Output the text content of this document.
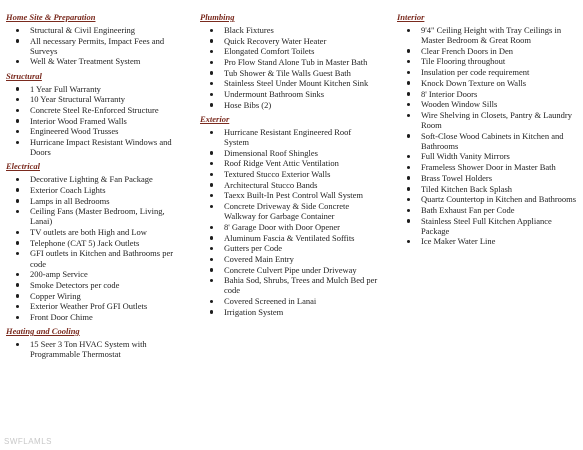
Home Site & Preparation
Structural & Civil Engineering
All necessary Permits, Impact Fees and Surveys
Well & Water Treatment System
Structural
1 Year Full Warranty
10 Year Structural Warranty
Concrete Steel Re-Enforced Structure
Interior Wood Framed Walls
Engineered Wood Trusses
Hurricane Impact Resistant Windows and Doors
Electrical
Decorative Lighting & Fan Package
Exterior Coach Lights
Lamps in all Bedrooms
Ceiling Fans (Master Bedroom, Living, Lanai)
TV outlets are both High and Low
Telephone (CAT 5) Jack Outlets
GFI outlets in Kitchen and Bathrooms per code
200-amp Service
Smoke Detectors per code
Copper Wiring
Exterior Weather Prof GFI Outlets
Front Door Chime
Heating and Cooling
15 Seer 3 Ton HVAC System with Programmable Thermostat
Plumbing
Black Fixtures
Quick Recovery Water Heater
Elongated Comfort Toilets
Pro Flow Stand Alone Tub in Master Bath
Tub Shower & Tile Walls Guest Bath
Stainless Steel Under Mount Kitchen Sink
Undermount Bathroom Sinks
Hose Bibs (2)
Exterior
Hurricane Resistant Engineered Roof System
Dimensional Roof Shingles
Roof Ridge Vent Attic Ventilation
Textured Stucco Exterior Walls
Architectural Stucco Bands
Taexx Built-In Pest Control Wall System
Concrete Driveway & Side Concrete Walkway for Garbage Container
8' Garage Door with Door Opener
Aluminum Fascia & Ventilated Soffits
Gutters per Code
Covered Main Entry
Concrete Culvert Pipe under Driveway
Bahia Sod, Shrubs, Trees and Mulch Bed per code
Covered Screened in Lanai
Irrigation System
Interior
9'4" Ceiling Height with Tray Ceilings in Master Bedroom & Great Room
Clear French Doors in Den
Tile Flooring throughout
Insulation per code requirement
Knock Down Texture on Walls
8' Interior Doors
Wooden Window Sills
Wire Shelving in Closets, Pantry & Laundry Room
Soft-Close Wood Cabinets in Kitchen and Bathrooms
Full Width Vanity Mirrors
Frameless Shower Door in Master Bath
Brass Towel Holders
Tiled Kitchen Back Splash
Quartz Countertop in Kitchen and Bathrooms
Bath Exhaust Fan per Code
Stainless Steel Full Kitchen Appliance Package
Ice Maker Water Line
SWFLAMLS
